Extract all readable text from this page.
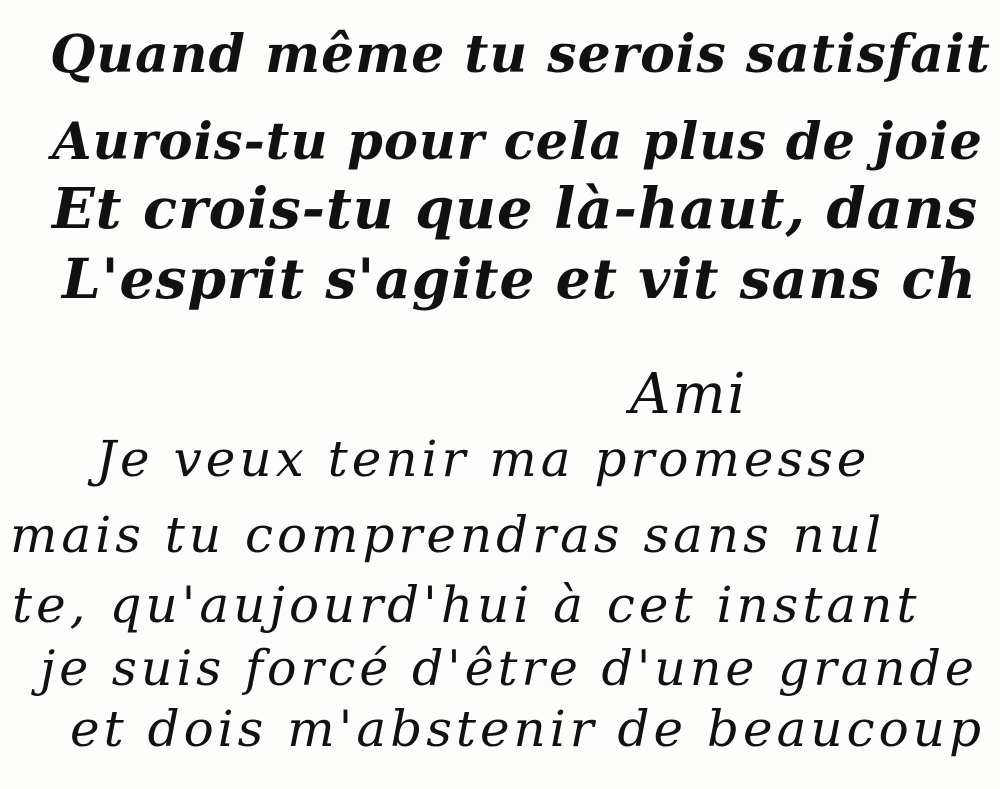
Quand même tu serois satisfait
Aurois-tu pour cela plus de joie
Et crois-tu que là-haut, dans
L'esprit s'agite et vit sans ch
Ami
Je veux tenir ma promesse
mais tu comprendras sans nul
te, qu'aujourd'hui à cet instant
je suis forcé d'être d'une grande
et dois m'abstenir de beaucoup
